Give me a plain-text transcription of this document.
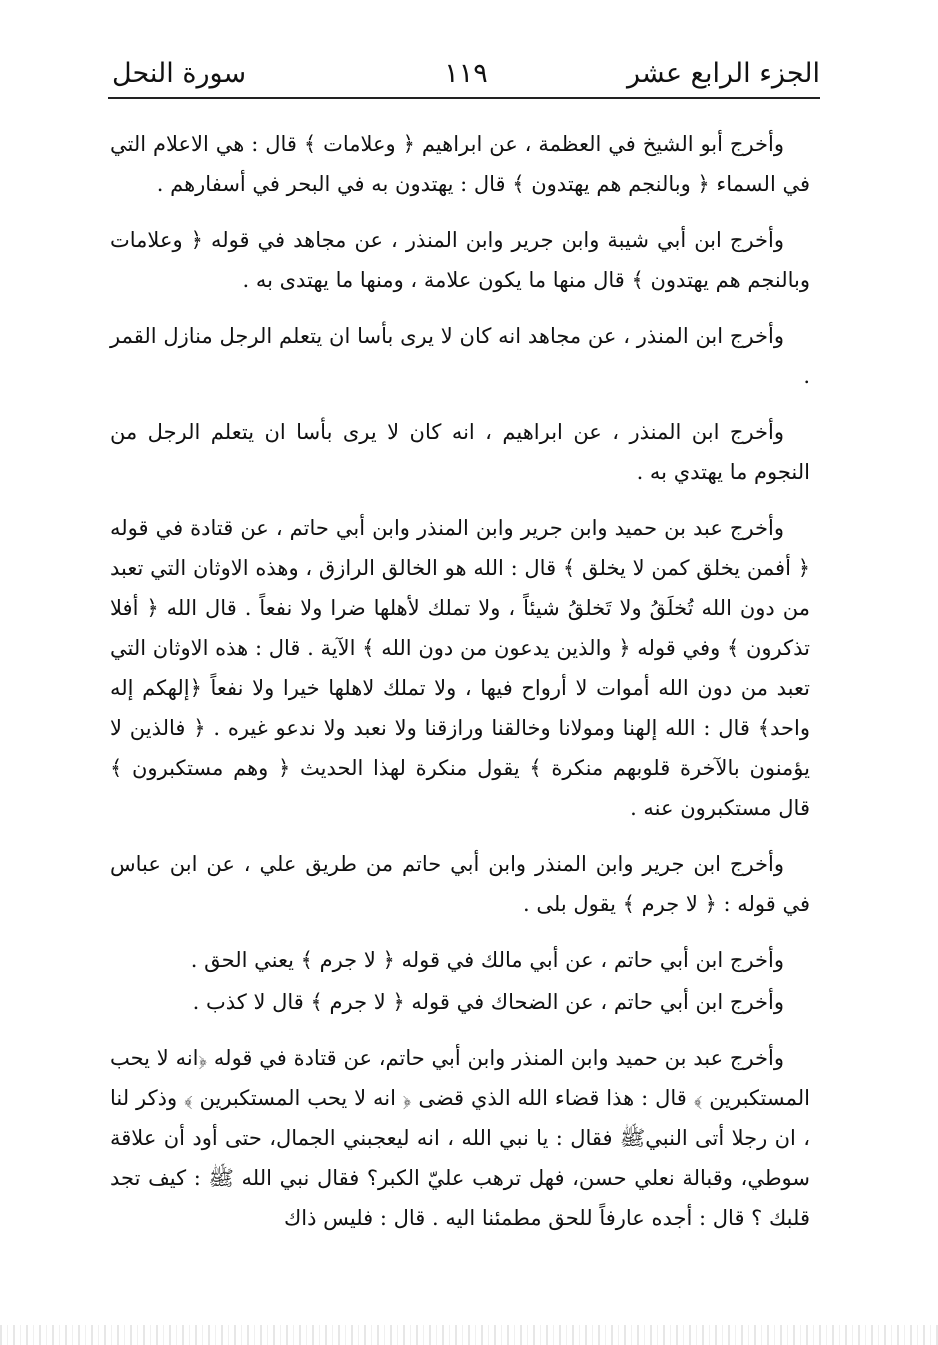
الجزء الرابع عشر
١١٩
سورة النحل

وأخرج أبو الشيخ في العظمة ، عن ابراهيم ﴿ وعلامات ﴾ قال : هي الاعلام التي في السماء ﴿ وبالنجم هم يهتدون ﴾ قال : يهتدون به في البحر في أسفارهم .

وأخرج ابن أبي شيبة وابن جرير وابن المنذر ، عن مجاهد في قوله ﴿ وعلامات وبالنجم هم يهتدون ﴾ قال منها ما يكون علامة ، ومنها ما يهتدى به .

وأخرج ابن المنذر ، عن مجاهد انه كان لا يرى بأسا ان يتعلم الرجل منازل القمر .

وأخرج ابن المنذر ، عن ابراهيم ، انه كان لا يرى بأسا ان يتعلم الرجل من النجوم ما يهتدي به .

وأخرج عبد بن حميد وابن جرير وابن المنذر وابن أبي حاتم ، عن قتادة في قوله ﴿ أفمن يخلق كمن لا يخلق ﴾ قال : الله هو الخالق الرازق ، وهذه الاوثان التي تعبد من دون الله تُخلَقُ ولا تَخلقُ شيئاً ، ولا تملك لأهلها ضرا ولا نفعاً . قال الله ﴿ أفلا تذكرون ﴾ وفي قوله ﴿ والذين يدعون من دون الله ﴾ الآية . قال : هذه الاوثان التي تعبد من دون الله أموات لا أرواح فيها ، ولا تملك لاهلها خيرا ولا نفعاً ﴿إلهكم إله واحد﴾ قال : الله إلهنا ومولانا وخالقنا ورازقنا ولا نعبد ولا ندعو غيره . ﴿ فالذين لا يؤمنون بالآخرة قلوبهم منكرة ﴾ يقول منكرة لهذا الحديث ﴿ وهم مستكبرون ﴾ قال مستكبرون عنه .

وأخرج ابن جرير وابن المنذر وابن أبي حاتم من طريق علي ، عن ابن عباس في قوله : ﴿ لا جرم ﴾ يقول بلى .

وأخرج ابن أبي حاتم ، عن أبي مالك في قوله ﴿ لا جرم ﴾ يعني الحق .

وأخرج ابن أبي حاتم ، عن الضحاك في قوله ﴿ لا جرم ﴾ قال لا كذب .

وأخرج عبد بن حميد وابن المنذر وابن أبي حاتم، عن قتادة في قوله ﴿انه لا يحب المستكبرين ﴾ قال : هذا قضاء الله الذي قضى ﴿ انه لا يحب المستكبرين ﴾ وذكر لنا ، ان رجلا أتى النبيﷺ فقال : يا نبي الله ، انه ليعجبني الجمال، حتى أود أن علاقة سوطي، وقبالة نعلي حسن، فهل ترهب عليّ الكبر؟ فقال نبي الله ﷺ : كيف تجد قلبك ؟ قال : أجده عارفاً للحق مطمئنا اليه . قال : فليس ذاك
